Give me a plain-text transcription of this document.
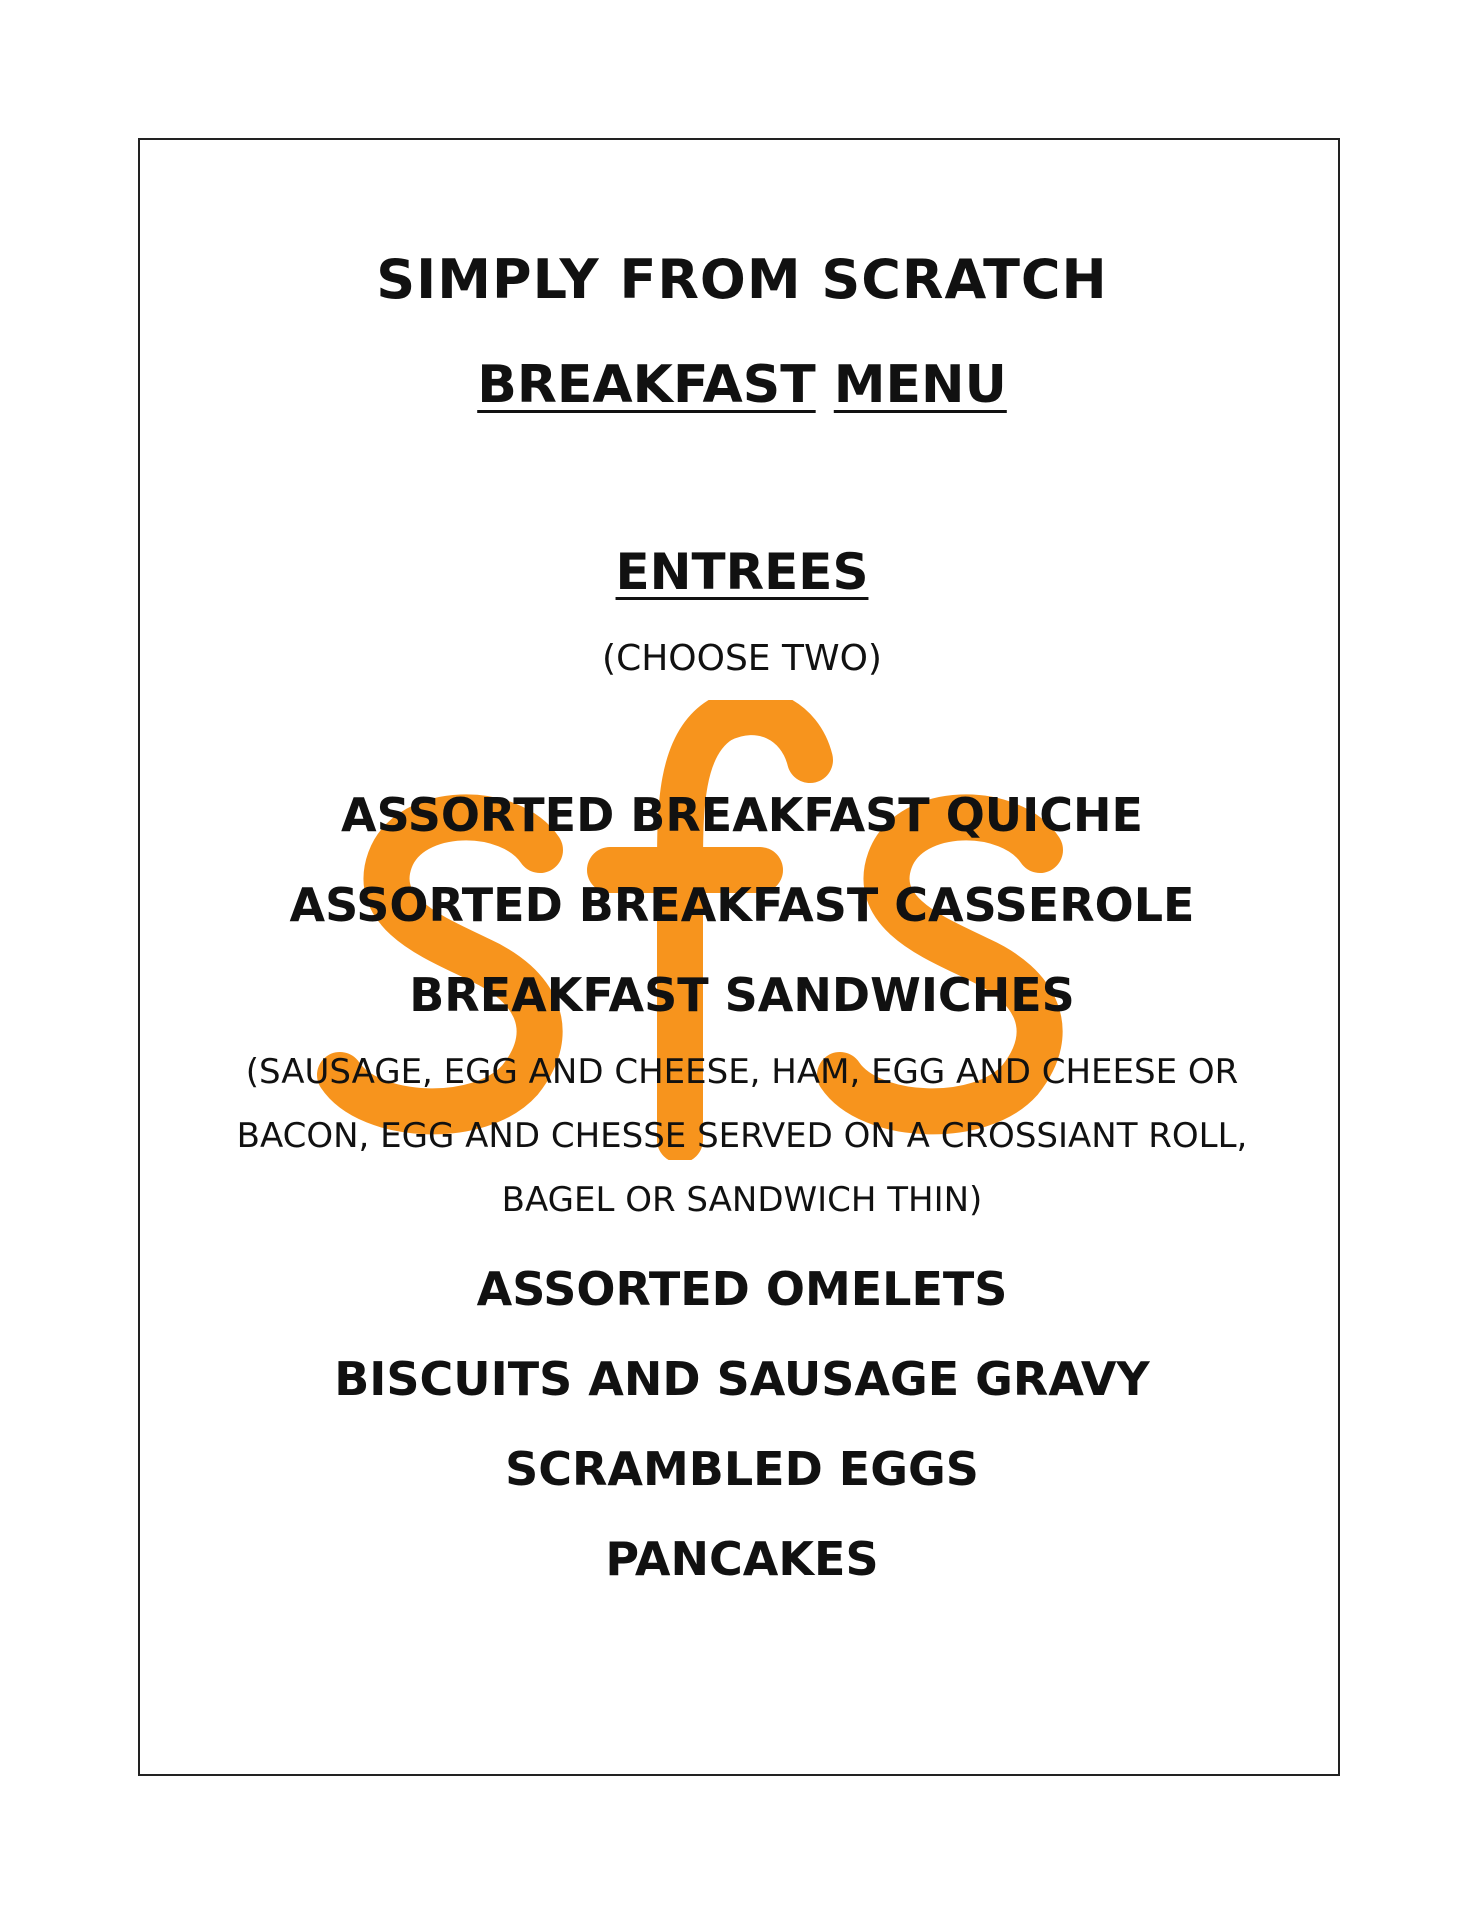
SIMPLY FROM SCRATCH
BREAKFAST MENU
ENTREES
(CHOOSE TWO)
ASSORTED BREAKFAST QUICHE
ASSORTED BREAKFAST CASSEROLE
BREAKFAST SANDWICHES
(SAUSAGE, EGG AND CHEESE, HAM, EGG AND CHEESE OR
BACON, EGG AND CHESSE SERVED ON A CROSSIANT ROLL,
BAGEL OR SANDWICH THIN)
ASSORTED OMELETS
BISCUITS AND SAUSAGE GRAVY
SCRAMBLED EGGS
PANCAKES
